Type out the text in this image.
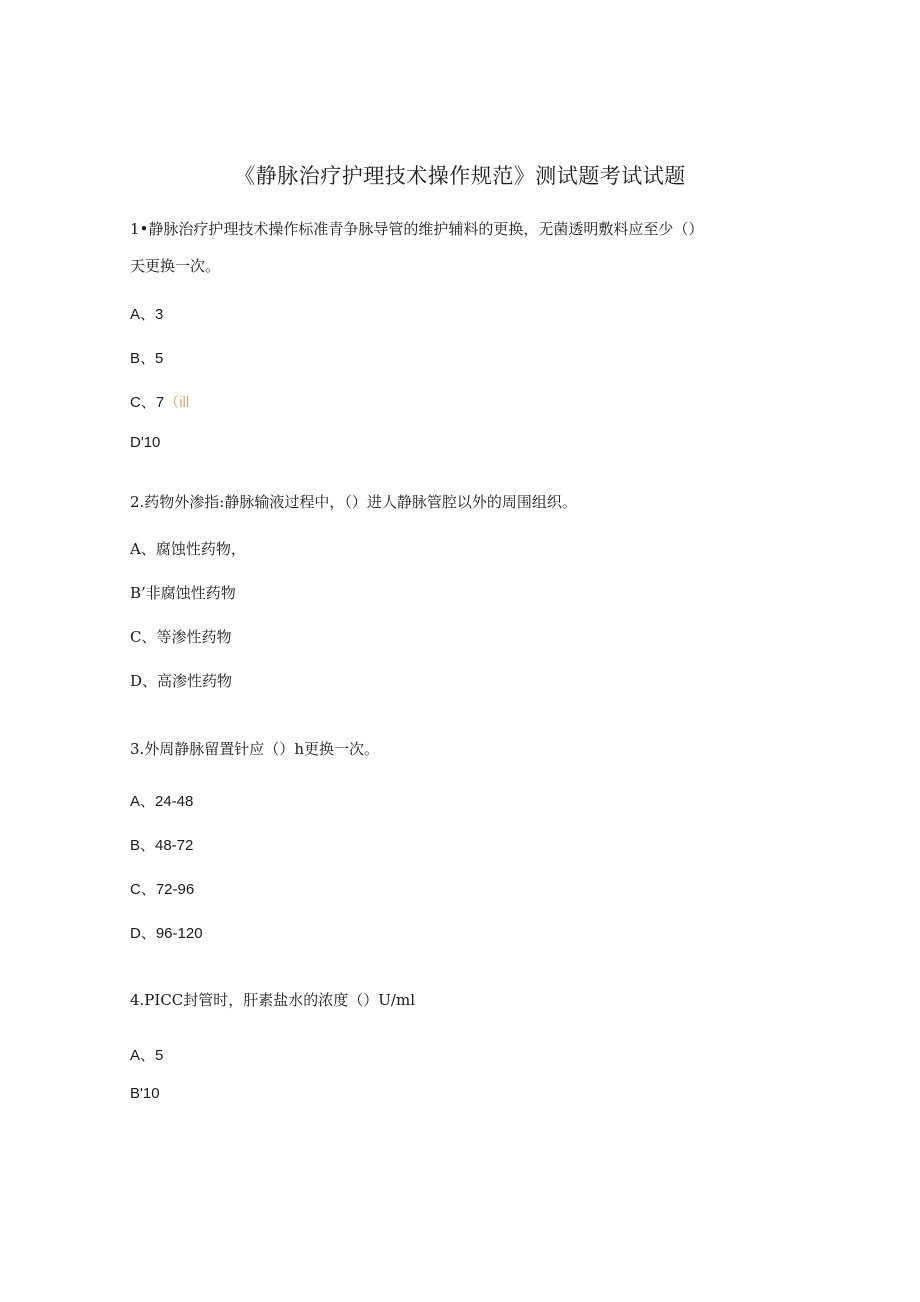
《静脉治疗护理技术操作规范》测试题考试试题
1•静脉治疗护理技术操作标准青争脉导管的维护辅料的更换，无菌透明敷料应至少（）
天更换一次。
A、3
B、5
C、7（ill
D'10
2.药物外渗指:静脉输液过程中，（）进人静脉管腔以外的周围组织。
A、腐蚀性药物，
B’非腐蚀性药物
C、等渗性药物
D、高渗性药物
3.外周静脉留置针应（）h更换一次。
A、24-48
B、48-72
C、72-96
D、96-120
4.PICC封管时，肝素盐水的浓度（）U/ml
A、5
B'10
